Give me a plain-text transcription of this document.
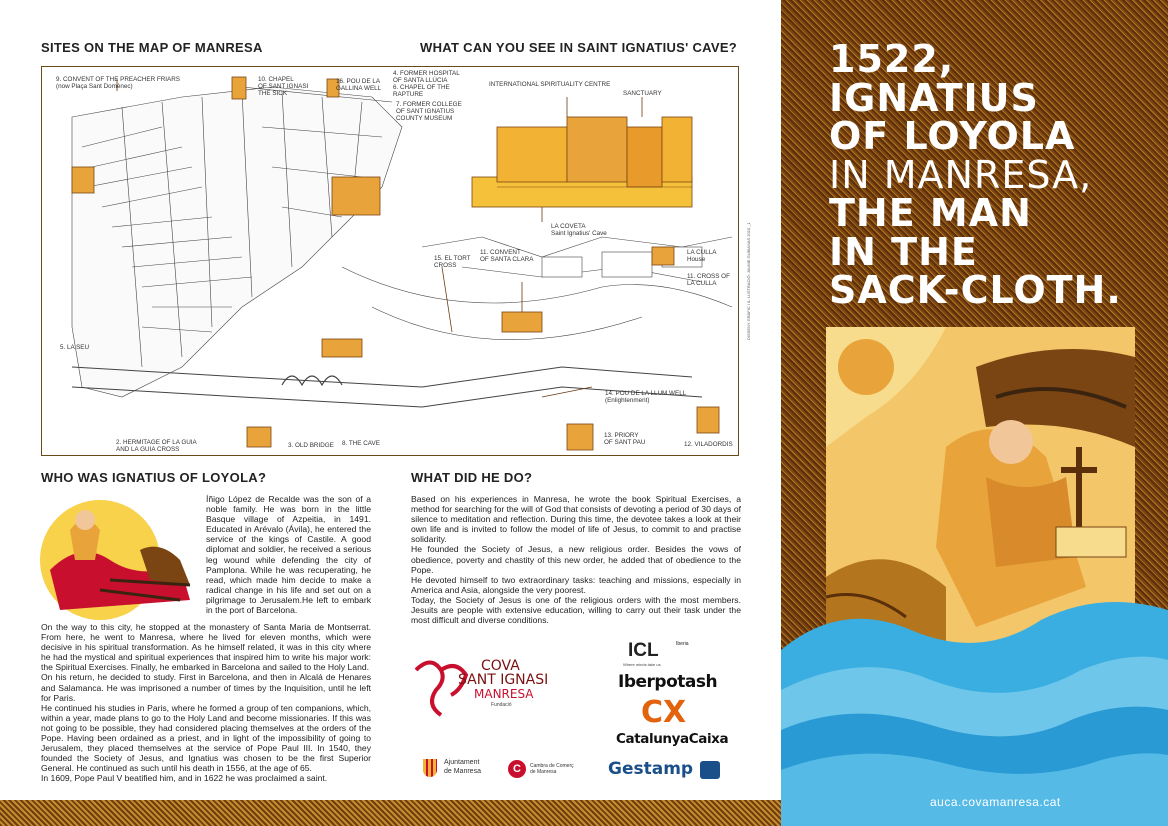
SITES ON THE MAP OF MANRESA	WHAT CAN YOU SEE IN SAINT IGNATIUS' CAVE?
9. CONVENT OF THE PREACHER FRIARS
(now Plaça Sant Domènec)
10. CHAPEL
OF SANT IGNASI
THE SICK
16. POU DE LA
GALLINA WELL
4. FORMER HOSPITAL
OF SANTA LLÚCIA
6. CHAPEL OF THE
RAPTURE
7. FORMER COLLEGE
OF SANT IGNATIUS
COUNTY MUSEUM
INTERNATIONAL SPIRITUALITY CENTRE
SANCTUARY
LA COVETA
Saint Ignatius' Cave
15. EL TORT
CROSS
11. CONVENT
OF SANTA CLARA
LA CULLA
House
11. CROSS OF
LA CULLA
5. LA SEU
14. POU DE LA LLUM WELL
(Enlightenment)
2. HERMITAGE OF LA GUIA
AND LA GUIA CROSS
3. OLD BRIDGE 8. THE CAVE
13. PRIORY
OF SANT PAU	12. VILADORDIS
DISSENY GRÀFIC I IL·LUSTRACIÓ: JAUME GUBIANAS 2010 _1
WHO WAS IGNATIUS OF LOYOLA?	WHAT DID HE DO?
Íñigo López de Recalde was the son of a noble family. He was born in the little Basque village of Azpeitia, in 1491. Educated in Arévalo (Ávila), he entered the service of the kings of Castile. A good diplomat and soldier, he received a serious leg wound while defending the city of Pamplona. While he was recuperating, he read, which made him decide to make a radical change in his life and set out on a pilgrimage to Jerusalem.He left to embark in the port of Barcelona.
On the way to this city, he stopped at the monastery of Santa Maria de Montserrat. From here, he went to Manresa, where he lived for eleven months, which were decisive in his spiritual transformation. As he himself related, it was in this city where he had the mystical and spiritual experiences that inspired him to write his major work: the Spiritual Exercises. Finally, he embarked in Barcelona and sailed to the Holy Land.
On his return, he decided to study. First in Barcelona, and then in Alcalá de Henares and Salamanca. He was imprisoned a number of times by the Inquisition, until he left for Paris.
He continued his studies in Paris, where he formed a group of ten companions, which, within a year, made plans to go to the Holy Land and become missionaries. If this was not going to be possible, they had considered placing themselves at the orders of the Pope. Having been ordained as a priest, and in light of the impossibility of going to Jerusalem, they placed themselves at the service of Pope Paul III. In 1540, they founded the Society of Jesus, and Ignatius was chosen to be the first Superior General. He continued as such until his death in 1556, at the age of 65.
In 1609, Pope Paul V beatified him, and in 1622 he was proclaimed a saint.
Based on his experiences in Manresa, he wrote the book Spiritual Exercises, a method for searching for the will of God that consists of devoting a period of 30 days of silence to meditation and reflection. During this time, the devotee takes a look at their own life and is invited to follow the model of life of Jesus, to commit to and practise solidarity.
He founded the Society of Jesus, a new religious order. Besides the vows of obedience, poverty and chastity of this new order, he added that of obedience to the Pope.
He devoted himself to two extraordinary tasks: teaching and missions, especially in America and Asia, alongside the very poorest.
Today, the Society of Jesus is one of the religious orders with the most members. Jesuits are people with extensive education, willing to carry out their task under the most difficult and diverse conditions.
COVA
SANT IGNASI
MANRESA
Fundació
Ajuntament
de Manresa	C	Cambra de Comerç
de Manresa
ICL	Iberia
Where minds take us
Iberpotash
CX
CatalunyaCaixa
Gestamp
1522, IGNATIUS
OF LOYOLA
IN MANRESA,
THE MAN
IN THE
SACK-CLOTH.
auca.covamanresa.cat
